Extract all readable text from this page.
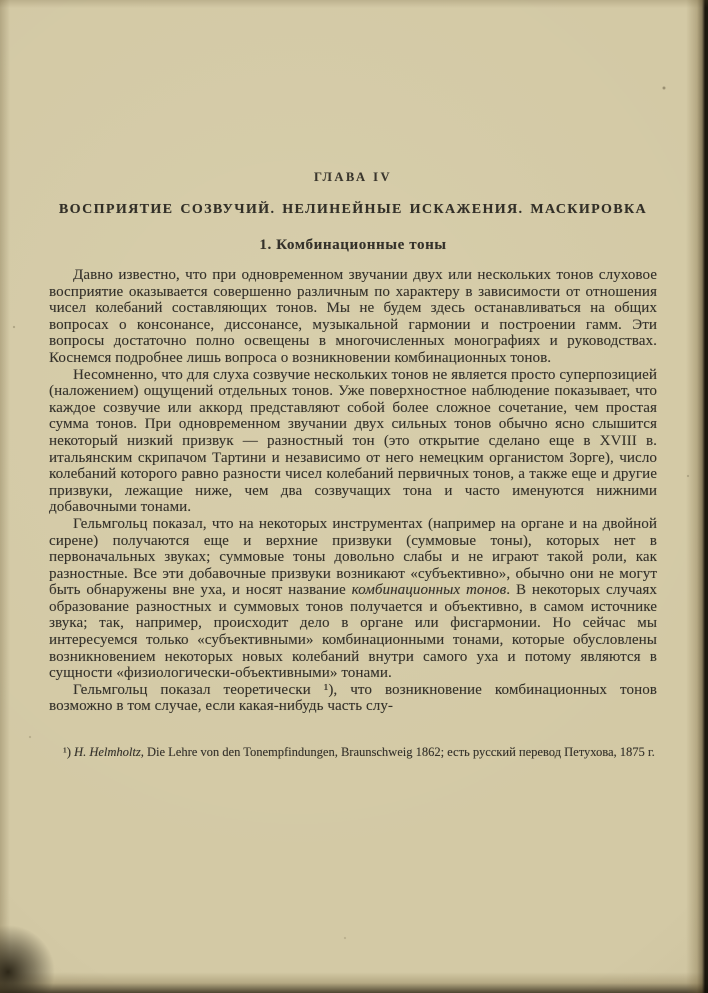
ГЛАВА IV
ВОСПРИЯТИЕ СОЗВУЧИЙ. НЕЛИНЕЙНЫЕ ИСКАЖЕНИЯ. МАСКИРОВКА
1. Комбинационные тоны

Давно известно, что при одновременном звучании двух или нескольких тонов слуховое восприятие оказывается совершенно различным по характеру в зависимости от отношения чисел колебаний составляющих тонов. Мы не будем здесь останавливаться на общих вопросах о консонансе, диссонансе, музыкальной гармонии и построении гамм. Эти вопросы достаточно полно освещены в многочисленных монографиях и руководствах. Коснемся подробнее лишь вопроса о возникновении комбинационных тонов.

Несомненно, что для слуха созвучие нескольких тонов не является просто суперпозицией (наложением) ощущений отдельных тонов. Уже поверхностное наблюдение показывает, что каждое созвучие или аккорд представляют собой более сложное сочетание, чем простая сумма тонов. При одновременном звучании двух сильных тонов обычно ясно слышится некоторый низкий призвук — разностный тон (это открытие сделано еще в XVIII в. итальянским скрипачом Тартини и независимо от него немецким органистом Зорге), число колебаний которого равно разности чисел колебаний первичных тонов, а также еще и другие призвуки, лежащие ниже, чем два созвучащих тона и часто именуются нижними добавочными тонами.

Гельмгольц показал, что на некоторых инструментах (например на органе и на двойной сирене) получаются еще и верхние призвуки (суммовые тоны), которых нет в первоначальных звуках; суммовые тоны довольно слабы и не играют такой роли, как разностные. Все эти добавочные призвуки возникают «субъективно», обычно они не могут быть обнаружены вне уха, и носят название комбинационных тонов. В некоторых случаях образование разностных и суммовых тонов получается и объективно, в самом источнике звука; так, например, происходит дело в органе или фисгармонии. Но сейчас мы интересуемся только «субъективными» комбинационными тонами, которые обусловлены возникновением некоторых новых колебаний внутри самого уха и потому являются в сущности «физиологически-объективными» тонами.

Гельмгольц показал теоретически ¹), что возникновение комбинационных тонов возможно в том случае, если какая-нибудь часть слу-

¹) H. Helmholtz, Die Lehre von den Tonempfindungen, Braunschweig 1862; есть русский перевод Петухова, 1875 г.
